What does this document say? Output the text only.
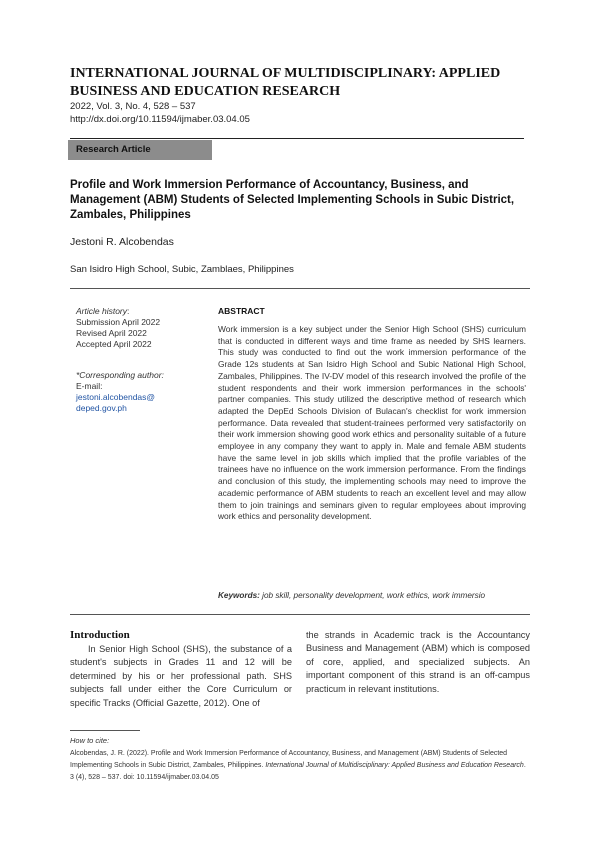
INTERNATIONAL JOURNAL OF MULTIDISCIPLINARY: APPLIED BUSINESS AND EDUCATION RESEARCH
2022, Vol. 3, No. 4, 528 – 537
http://dx.doi.org/10.11594/ijmaber.03.04.05
Research Article
Profile and Work Immersion Performance of Accountancy, Business, and Management (ABM) Students of Selected Implementing Schools in Subic District, Zambales, Philippines
Jestoni R. Alcobendas
San Isidro High School, Subic, Zamblaes, Philippines
Article history:
Submission April 2022
Revised April 2022
Accepted April 2022
*Corresponding author:
E-mail:
jestoni.alcobendas@deped.gov.ph
ABSTRACT
Work immersion is a key subject under the Senior High School (SHS) curriculum that is conducted in different ways and time frame as needed by SHS learners. This study was conducted to find out the work immersion performance of the Grade 12s students at San Isidro High School and Subic National High School, Zambales, Philippines. The IV-DV model of this research involved the profile of the student respondents and their work immersion performances in the schools' partner companies. This study utilized the descriptive method of research which adapted the DepEd Schools Division of Bulacan's checklist for work immersion performance. Data revealed that student-trainees performed very satisfactorily on their work immersion showing good work ethics and personality suitable of a future employee in any company they want to apply in. Male and female ABM students have the same level in job skills which implied that the profile variables of the trainees have no influence on the work immersion performance. From the findings and conclusion of this study, the implementing schools may need to improve the academic performance of ABM students to reach an excellent level and may allow them to join trainings and seminars given to regular employees about improving work ethics and personality development.
Keywords: job skill, personality development, work ethics, work immersio
Introduction
In Senior High School (SHS), the substance of a student's subjects in Grades 11 and 12 will be determined by his or her professional path. SHS subjects fall under either the Core Curriculum or specific Tracks (Official Gazette, 2012). One of
the strands in Academic track is the Accountancy Business and Management (ABM) which is composed of core, applied, and specialized subjects. An important component of this strand is an off-campus practicum in relevant institutions.
How to cite:
Alcobendas, J. R. (2022). Profile and Work Immersion Performance of Accountancy, Business, and Management (ABM) Students of Selected Implementing Schools in Subic District, Zambales, Philippines. International Journal of Multidisciplinary: Applied Business and Education Research. 3 (4), 528 – 537. doi: 10.11594/ijmaber.03.04.05
